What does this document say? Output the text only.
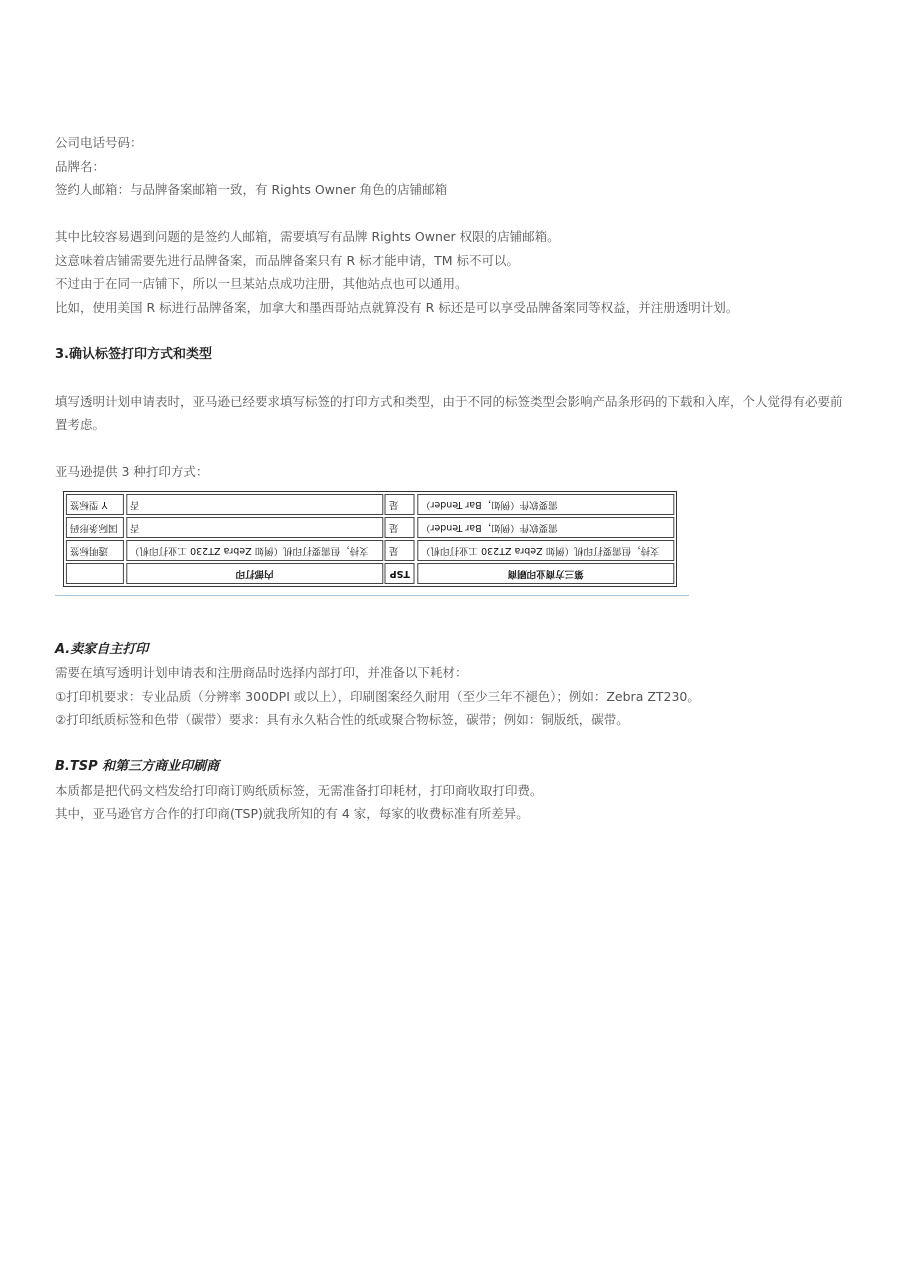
公司电话号码：

品牌名：

签约人邮箱：与品牌备案邮箱一致，有 Rights Owner 角色的店铺邮箱

其中比较容易遇到问题的是签约人邮箱，需要填写有品牌 Rights Owner 权限的店铺邮箱。

这意味着店铺需要先进行品牌备案，而品牌备案只有 R 标才能申请，TM 标不可以。

不过由于在同一店铺下，所以一旦某站点成功注册，其他站点也可以通用。

比如，使用美国 R 标进行品牌备案，加拿大和墨西哥站点就算没有 R 标还是可以享受品牌备案同等权益，并注册透明计划。

3.确认标签打印方式和类型

填写透明计划申请表时，亚马逊已经要求填写标签的打印方式和类型，由于不同的标签类型会影响产品条形码的下载和入库，个人觉得有必要前置考虑。

亚马逊提供 3 种打印方式：

A.卖家自主打印

需要在填写透明计划申请表和注册商品时选择内部打印，并准备以下耗材：

①打印机要求：专业品质（分辨率 300DPI 或以上），印刷图案经久耐用（至少三年不褪色）；例如：Zebra ZT230。

②打印纸质标签和色带（碳带）要求：具有永久粘合性的纸或聚合物标签，碳带；例如：铜版纸，碳带。

B.TSP 和第三方商业印刷商

本质都是把代码文档发给打印商订购纸质标签，无需准备打印耗材，打印商收取打印费。

其中，亚马逊官方合作的打印商(TSP)就我所知的有 4 家，每家的收费标准有所差异。

	内部打印	TSP	第三方商业印刷商
透明标签	支持，但需要打印机（例如 Zebra ZT230 工业打印机）	是	支持，但需要打印机（例如 Zebra ZT230 工业打印机）
国际条形码	否	是	需要软件（例如，Bar Tender）
Y 型标签	否	是	需要软件（例如，Bar Tender）
